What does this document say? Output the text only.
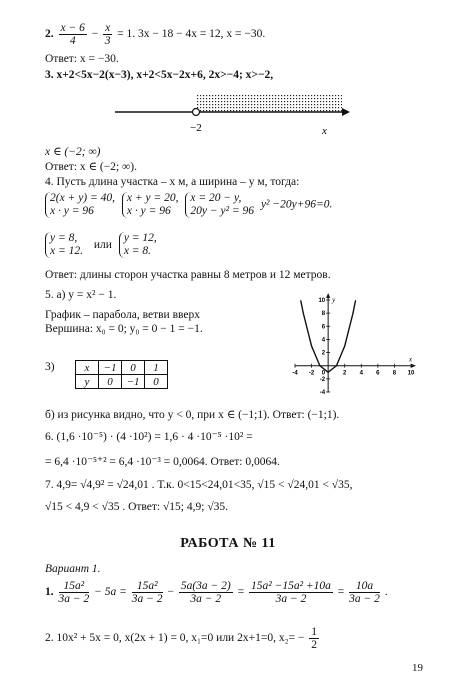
2. $\frac{x - 6}{4} - \frac{x}{3} = 1$. 3x − 18 − 4x = 12, x = −30.
Ответ: x = −30.
3. x+2<5x−2(x−3), x+2<5x−2x+6, 2x>−4; x>−2,
−2	x
x ∈ (−2; ∞)
Ответ: x ∈ (−2; ∞).
4. Пусть длина участка – x м, а ширина – y м, тогда:
2(x + y) = 40,
x · y = 96

x + y = 20,
x · y = 96

x = 20 − y,
20y − y² = 96
y² −20y+96=0.
y = 8,
x = 12.
или
y = 12,
x = 8.
Ответ: длины сторон участка равны 8 метров и 12 метров.
5. а) y = x² − 1.
График – парабола, ветви вверх
Вершина: x₀ = 0; y₀ = 0 − 1 = −1.
3)	x	−1	0	1
y	0	−1	0
-4 -2	2 4 6 8 10
10
8
6
4
2
-2
-4
0
x
y
б) из рисунка видно, что y < 0, при x ∈ (−1;1). Ответ: (−1;1).
6. (1,6 ·10⁻⁵) · (4 ·10²) = 1,6 · 4 ·10⁻⁵ ·10² =
= 6,4 ·10⁻⁵⁺² = 6,4 ·10⁻³ = 0,0064. Ответ: 0,0064.
7. 4,9= √4,9² = √24,01 . Т.к. 0<15<24,01<35, √15 < √24,01 < √35,
√15 < 4,9 < √35 . Ответ: √15; 4,9; √35.
РАБОТА № 11
Вариант 1.
1. $\frac{\text{15a²}}{3a - 2} - 5a = \frac{\text{15a²}}{3a - 2} - \frac{5a(3a - 2)}{3a - 2} = \frac{\text{15a² −15a² +10a}}{3a - 2} = \frac{10a}{3a - 2}$ .
2. 10x² + 5x = 0, x(2x + 1) = 0, x₁=0 или 2x+1=0, $x_2= - \frac{1}{2}$
19
